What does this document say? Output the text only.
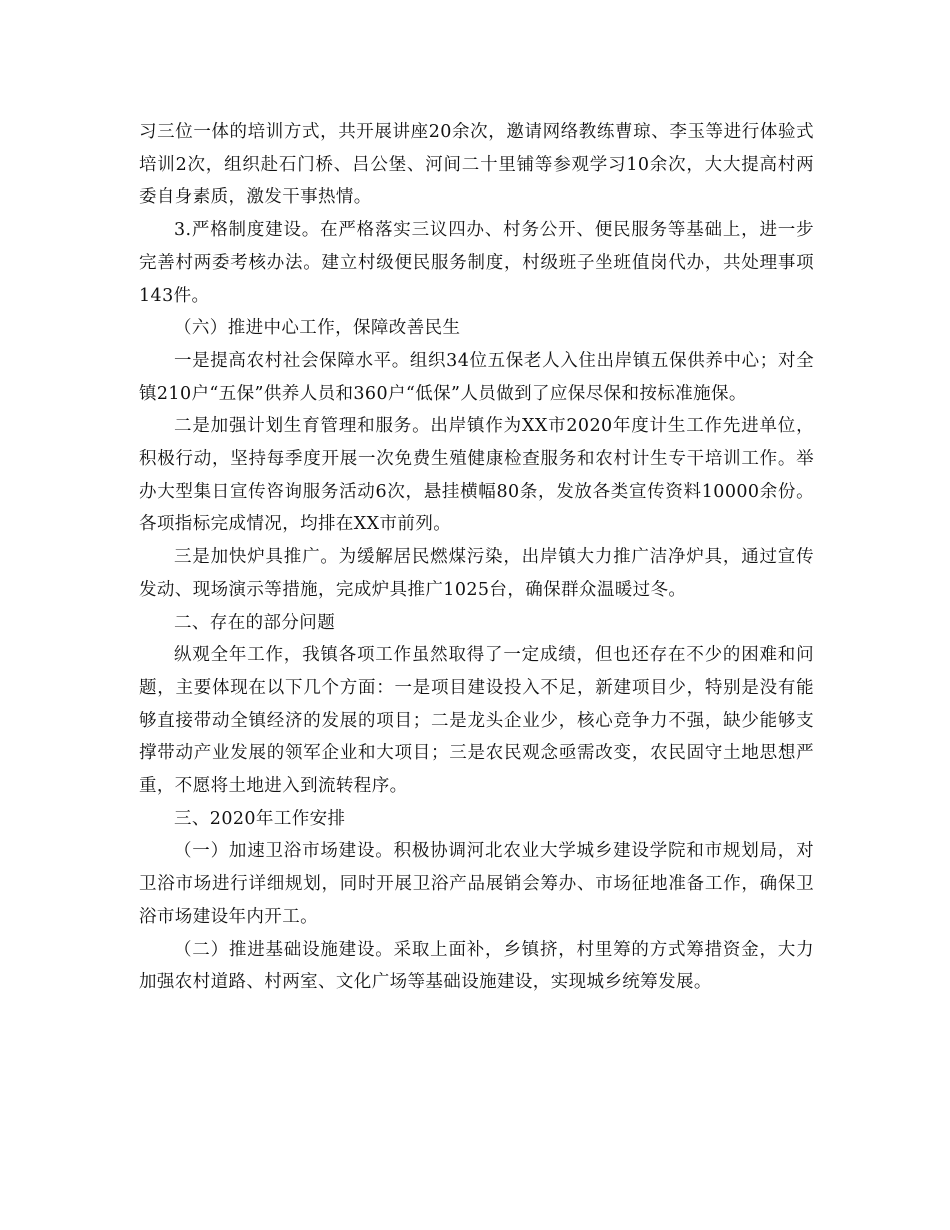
习三位一体的培训方式，共开展讲座20余次，邀请网络教练曹琼、李玉等进行体验式培训2次，组织赴石门桥、吕公堡、河间二十里铺等参观学习10余次，大大提高村两委自身素质，激发干事热情。

3.严格制度建设。在严格落实三议四办、村务公开、便民服务等基础上，进一步完善村两委考核办法。建立村级便民服务制度，村级班子坐班值岗代办，共处理事项143件。

（六）推进中心工作，保障改善民生

一是提高农村社会保障水平。组织34位五保老人入住出岸镇五保供养中心；对全镇210户“五保”供养人员和360户“低保”人员做到了应保尽保和按标准施保。

二是加强计划生育管理和服务。出岸镇作为XX市2020年度计生工作先进单位，积极行动，坚持每季度开展一次免费生殖健康检查服务和农村计生专干培训工作。举办大型集日宣传咨询服务活动6次，悬挂横幅80条，发放各类宣传资料10000余份。各项指标完成情况，均排在XX市前列。

三是加快炉具推广。为缓解居民燃煤污染，出岸镇大力推广洁净炉具，通过宣传发动、现场演示等措施，完成炉具推广1025台，确保群众温暖过冬。

二、存在的部分问题

纵观全年工作，我镇各项工作虽然取得了一定成绩，但也还存在不少的困难和问题，主要体现在以下几个方面：一是项目建设投入不足，新建项目少，特别是没有能够直接带动全镇经济的发展的项目；二是龙头企业少，核心竞争力不强，缺少能够支撑带动产业发展的领军企业和大项目；三是农民观念亟需改变，农民固守土地思想严重，不愿将土地进入到流转程序。

三、2020年工作安排

（一）加速卫浴市场建设。积极协调河北农业大学城乡建设学院和市规划局，对卫浴市场进行详细规划，同时开展卫浴产品展销会筹办、市场征地准备工作，确保卫浴市场建设年内开工。

（二）推进基础设施建设。采取上面补，乡镇挤，村里筹的方式筹措资金，大力加强农村道路、村两室、文化广场等基础设施建设，实现城乡统筹发展。
